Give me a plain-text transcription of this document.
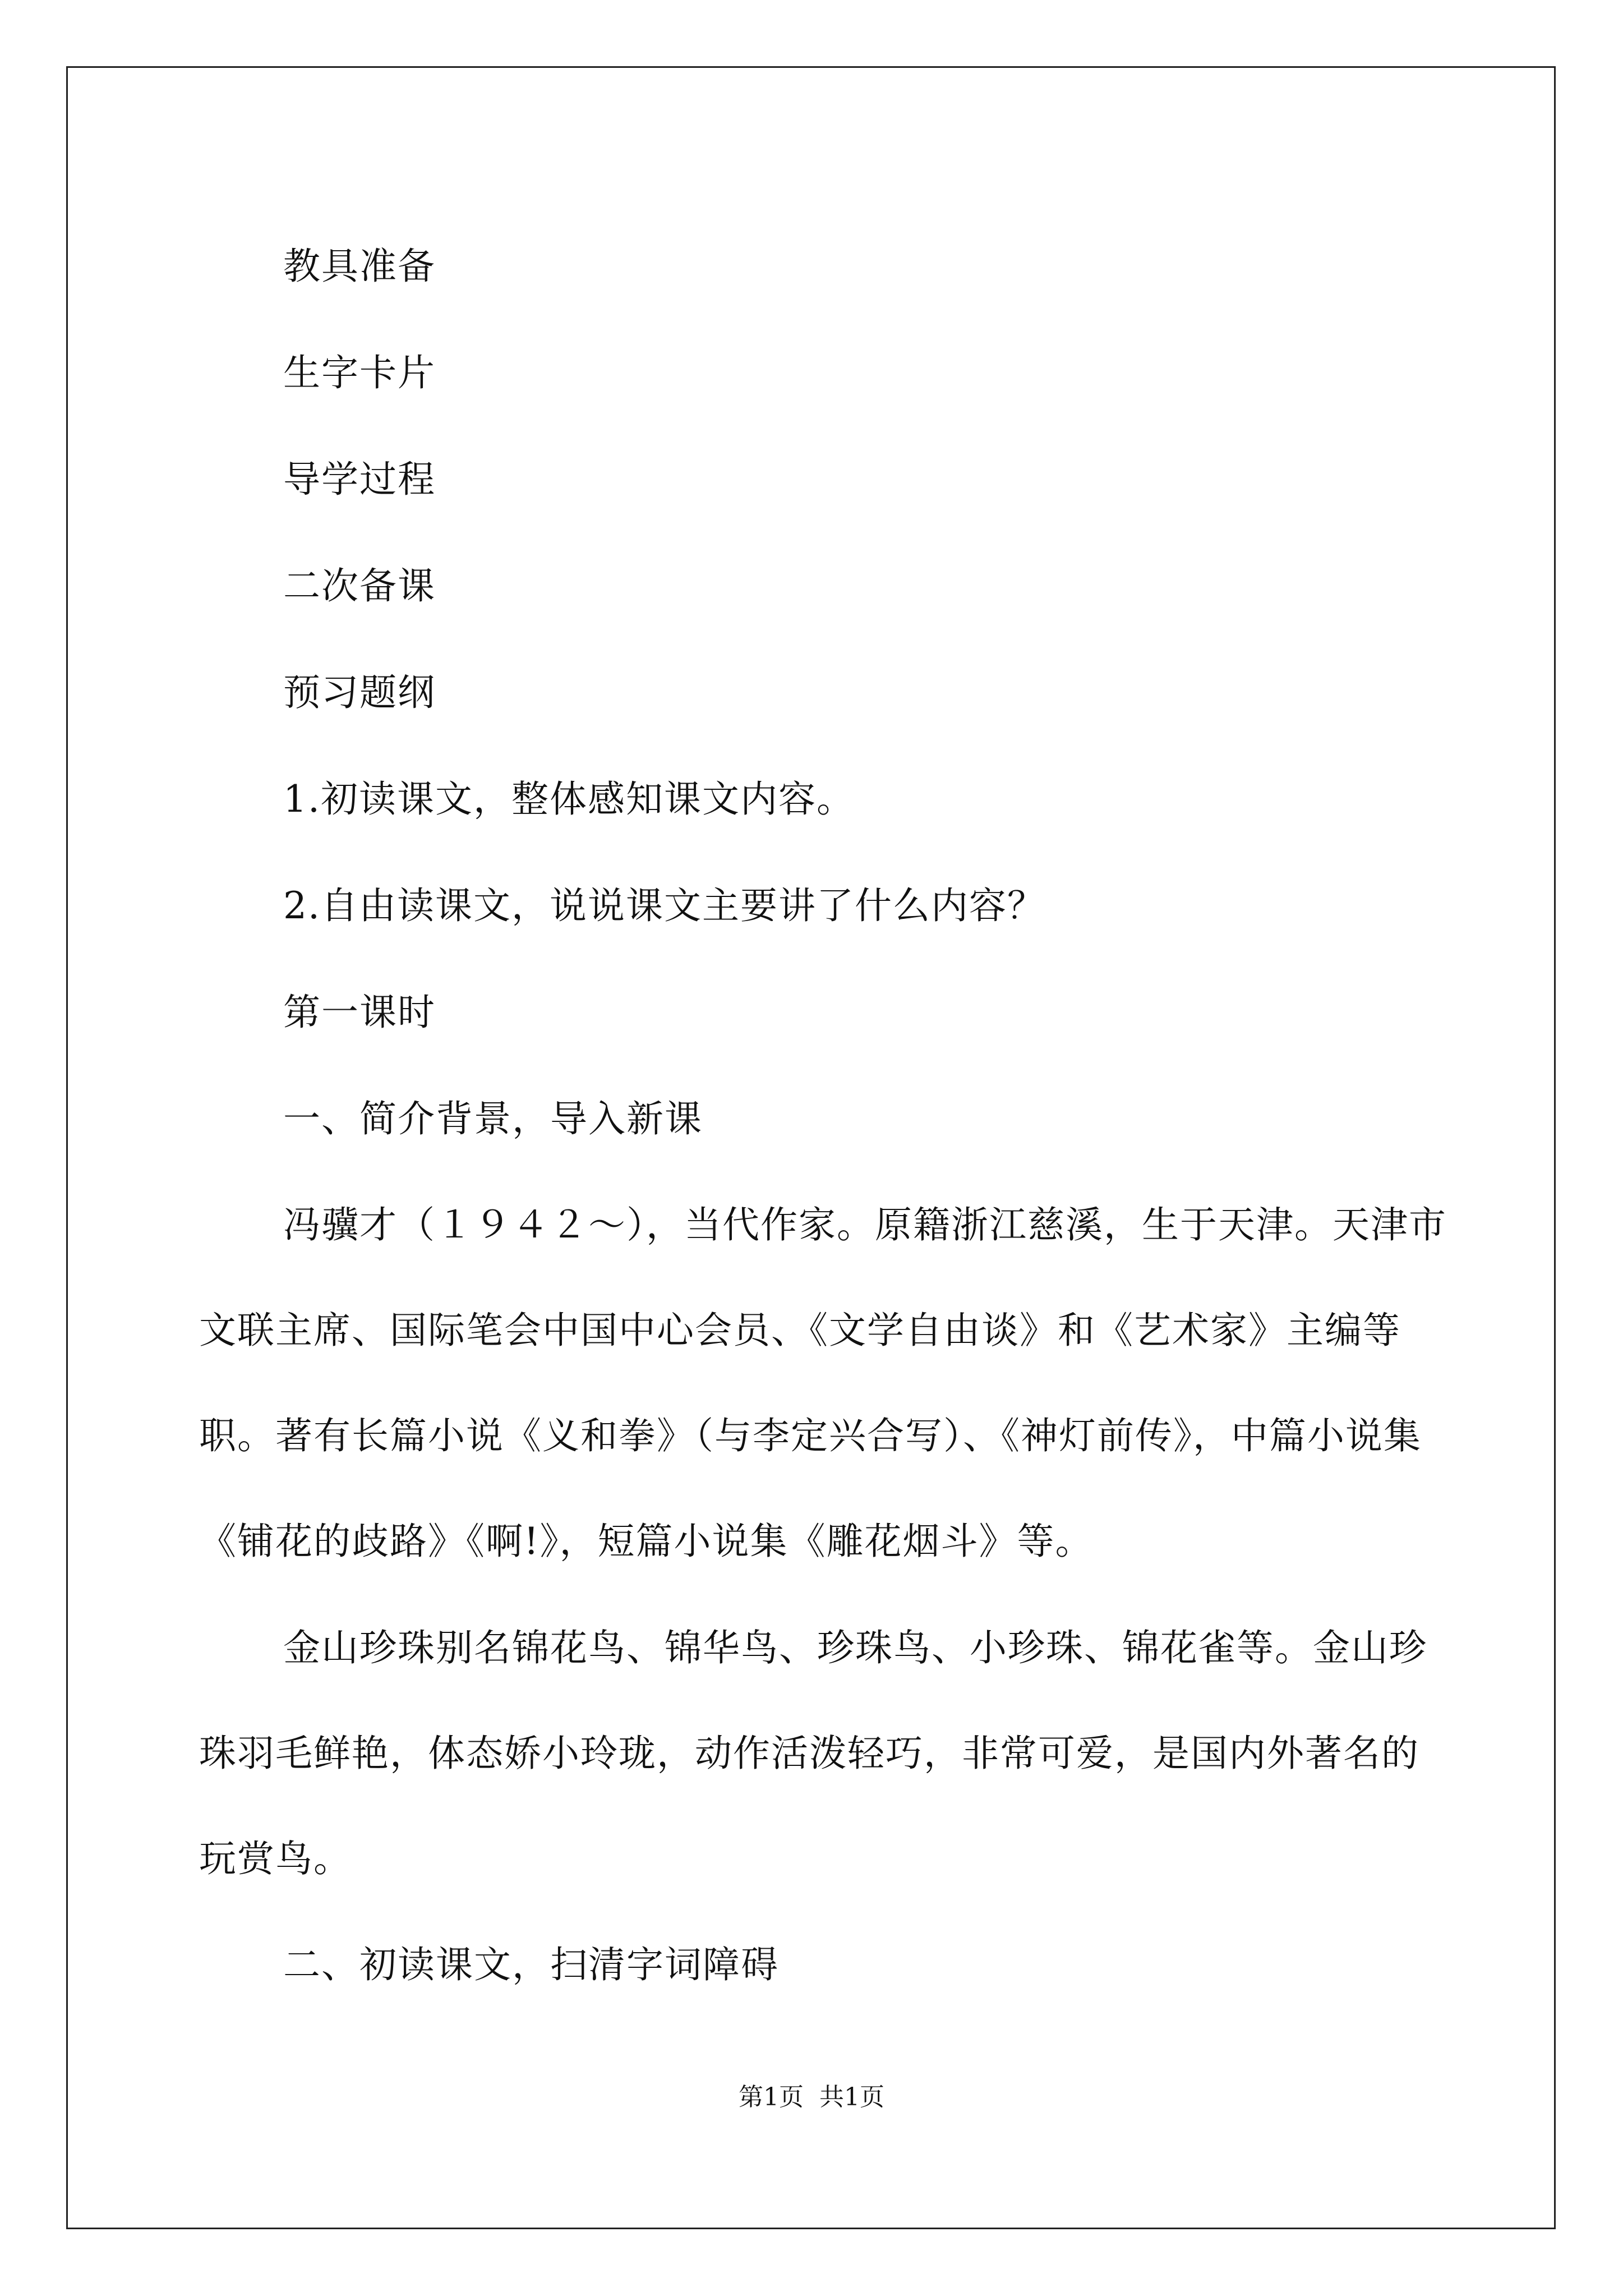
教具准备
生字卡片
导学过程
二次备课
预习题纲
1.初读课文，整体感知课文内容。
2.自由读课文，说说课文主要讲了什么内容？
第一课时
一、简介背景，导入新课
冯骥才（１９４２～），当代作家。原籍浙江慈溪，生于天津。天津市文联主席、国际笔会中国中心会员、《文学自由谈》和《艺术家》主编等职。著有长篇小说《义和拳》（与李定兴合写）、《神灯前传》，中篇小说集《铺花的歧路》《啊!》，短篇小说集《雕花烟斗》等。
金山珍珠别名锦花鸟、锦华鸟、珍珠鸟、小珍珠、锦花雀等。金山珍珠羽毛鲜艳，体态娇小玲珑，动作活泼轻巧，非常可爱，是国内外著名的玩赏鸟。
二、初读课文，扫清字词障碍
第1页 共1页
